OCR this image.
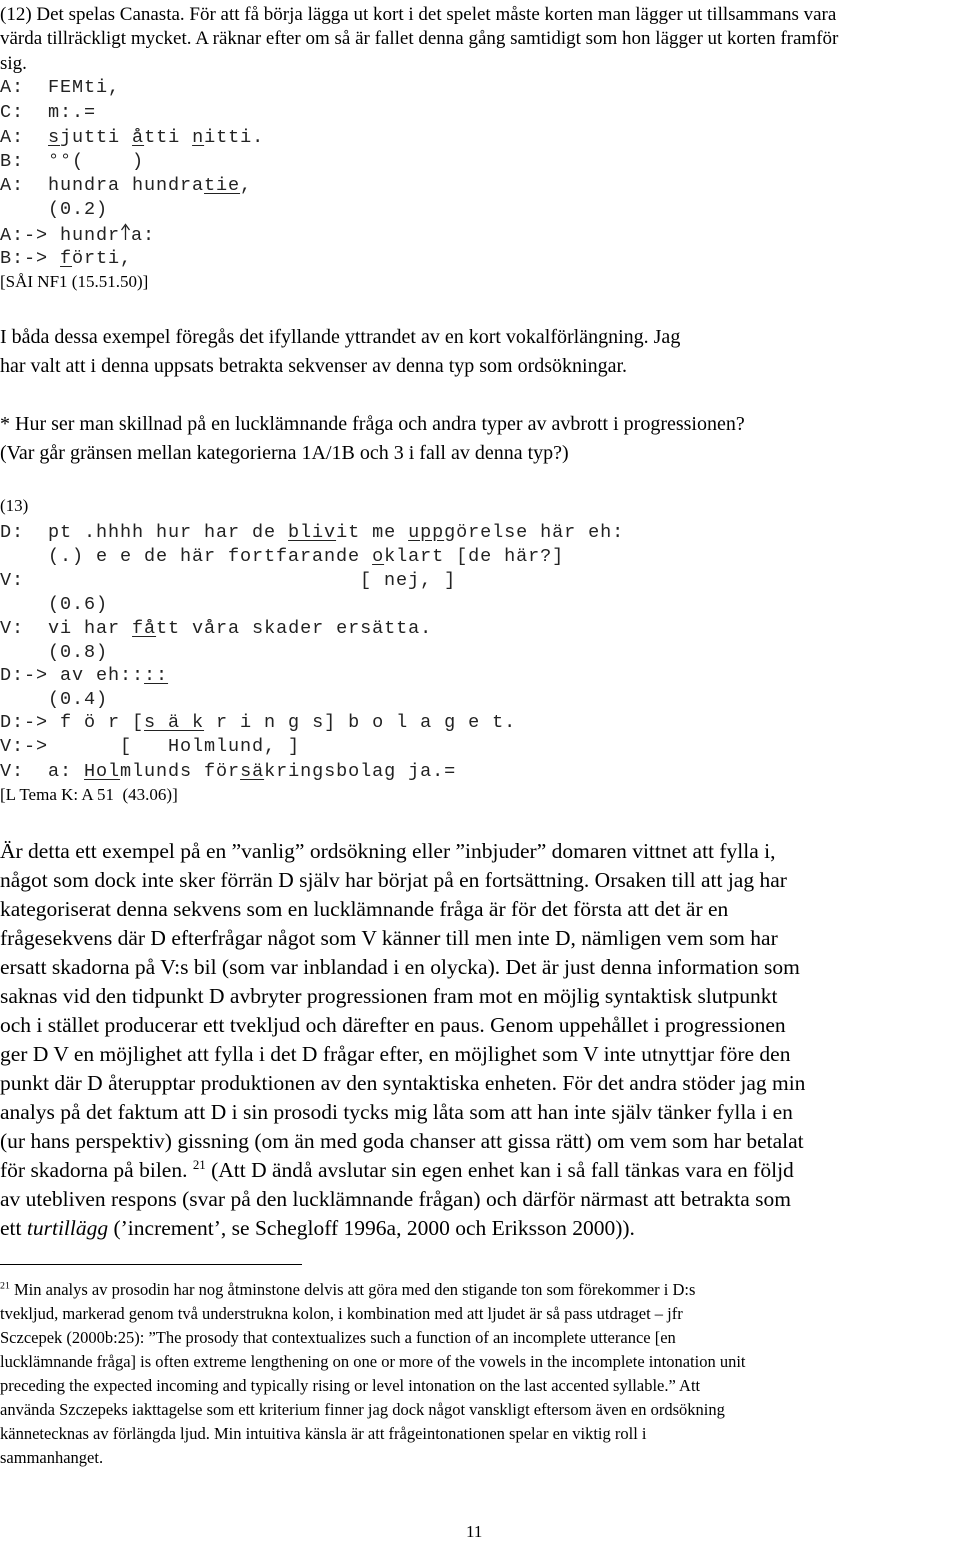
(12) Det spelas Canasta. För att få börja lägga ut kort i det spelet måste korten man lägger ut tillsammans vara
värda tillräckligt mycket. A räknar efter om så är fallet denna gång samtidigt som hon lägger ut korten framför
sig.
A:  FEMti,
C:  m:.=
A:  sjutti åtti nitti.
B:  °°(    )
A:  hundra hundratie,
(0.2)
A:-> hundr a:
B:-> förti,
[SÅI NF1 (15.51.50)]
I båda dessa exempel föregås det ifyllande yttrandet av en kort vokalförlängning. Jag
har valt att i denna uppsats betrakta sekvenser av denna typ som ordsökningar.
* Hur ser man skillnad på en lucklämnande fråga och andra typer av avbrott i progressionen?
(Var går gränsen mellan kategorierna 1A/1B och 3 i fall av denna typ?)
(13)
D:  pt .hhhh hur har de blivit me uppgörelse här eh:
(.) e e de här fortfarande oklart [de här?]
V:                            [ nej, ]
(0.6)
V:  vi har fått våra skader ersätta.
(0.8)
D:-> av eh::::
(0.4)
D:-> f ö r [s ä k r i n g s] b o l a g e t.
V:->      [   Holmlund, ]
V:  a: Holmlunds försäkringsbolag ja.=
[L Tema K: A 51  (43.06)]
Är detta ett exempel på en ”vanlig” ordsökning eller ”inbjuder” domaren vittnet att fylla i,
något som dock inte sker förrän D själv har börjat på en fortsättning. Orsaken till att jag har
kategoriserat denna sekvens som en lucklämnande fråga är för det första att det är en
frågesekvens där D efterfrågar något som V känner till men inte D, nämligen vem som har
ersatt skadorna på V:s bil (som var inblandad i en olycka). Det är just denna information som
saknas vid den tidpunkt D avbryter progressionen fram mot en möjlig syntaktisk slutpunkt
och i stället producerar ett tvekljud och därefter en paus. Genom uppehållet i progressionen
ger D V en möjlighet att fylla i det D frågar efter, en möjlighet som V inte utnyttjar före den
punkt där D återupptar produktionen av den syntaktiska enheten. För det andra stöder jag min
analys på det faktum att D i sin prosodi tycks mig låta som att han inte själv tänker fylla i en
(ur hans perspektiv) gissning (om än med goda chanser att gissa rätt) om vem som har betalat
för skadorna på bilen. $^{21}$ (Att D ändå avslutar sin egen enhet kan i så fall tänkas vara en följd
av utebliven respons (svar på den lucklämnande frågan) och därför närmast att betrakta som
ett turtillägg (’increment’, se Schegloff 1996a, 2000 och Eriksson 2000)).
$^{21}$ Min analys av prosodin har nog åtminstone delvis att göra med den stigande ton som förekommer i D:s
tvekljud, markerad genom två understrukna kolon, i kombination med att ljudet är så pass utdraget – jfr
Sczcepek (2000b:25): ”The prosody that contextualizes such a function of an incomplete utterance [en
lucklämnande fråga] is often extreme lengthening on one or more of the vowels in the incomplete intonation unit
preceding the expected incoming and typically rising or level intonation on the last accented syllable.” Att
använda Szczepeks iakttagelse som ett kriterium finner jag dock något vanskligt eftersom även en ordsökning
kännetecknas av förlängda ljud. Min intuitiva känsla är att frågeintonationen spelar en viktig roll i
sammanhanget.
11
